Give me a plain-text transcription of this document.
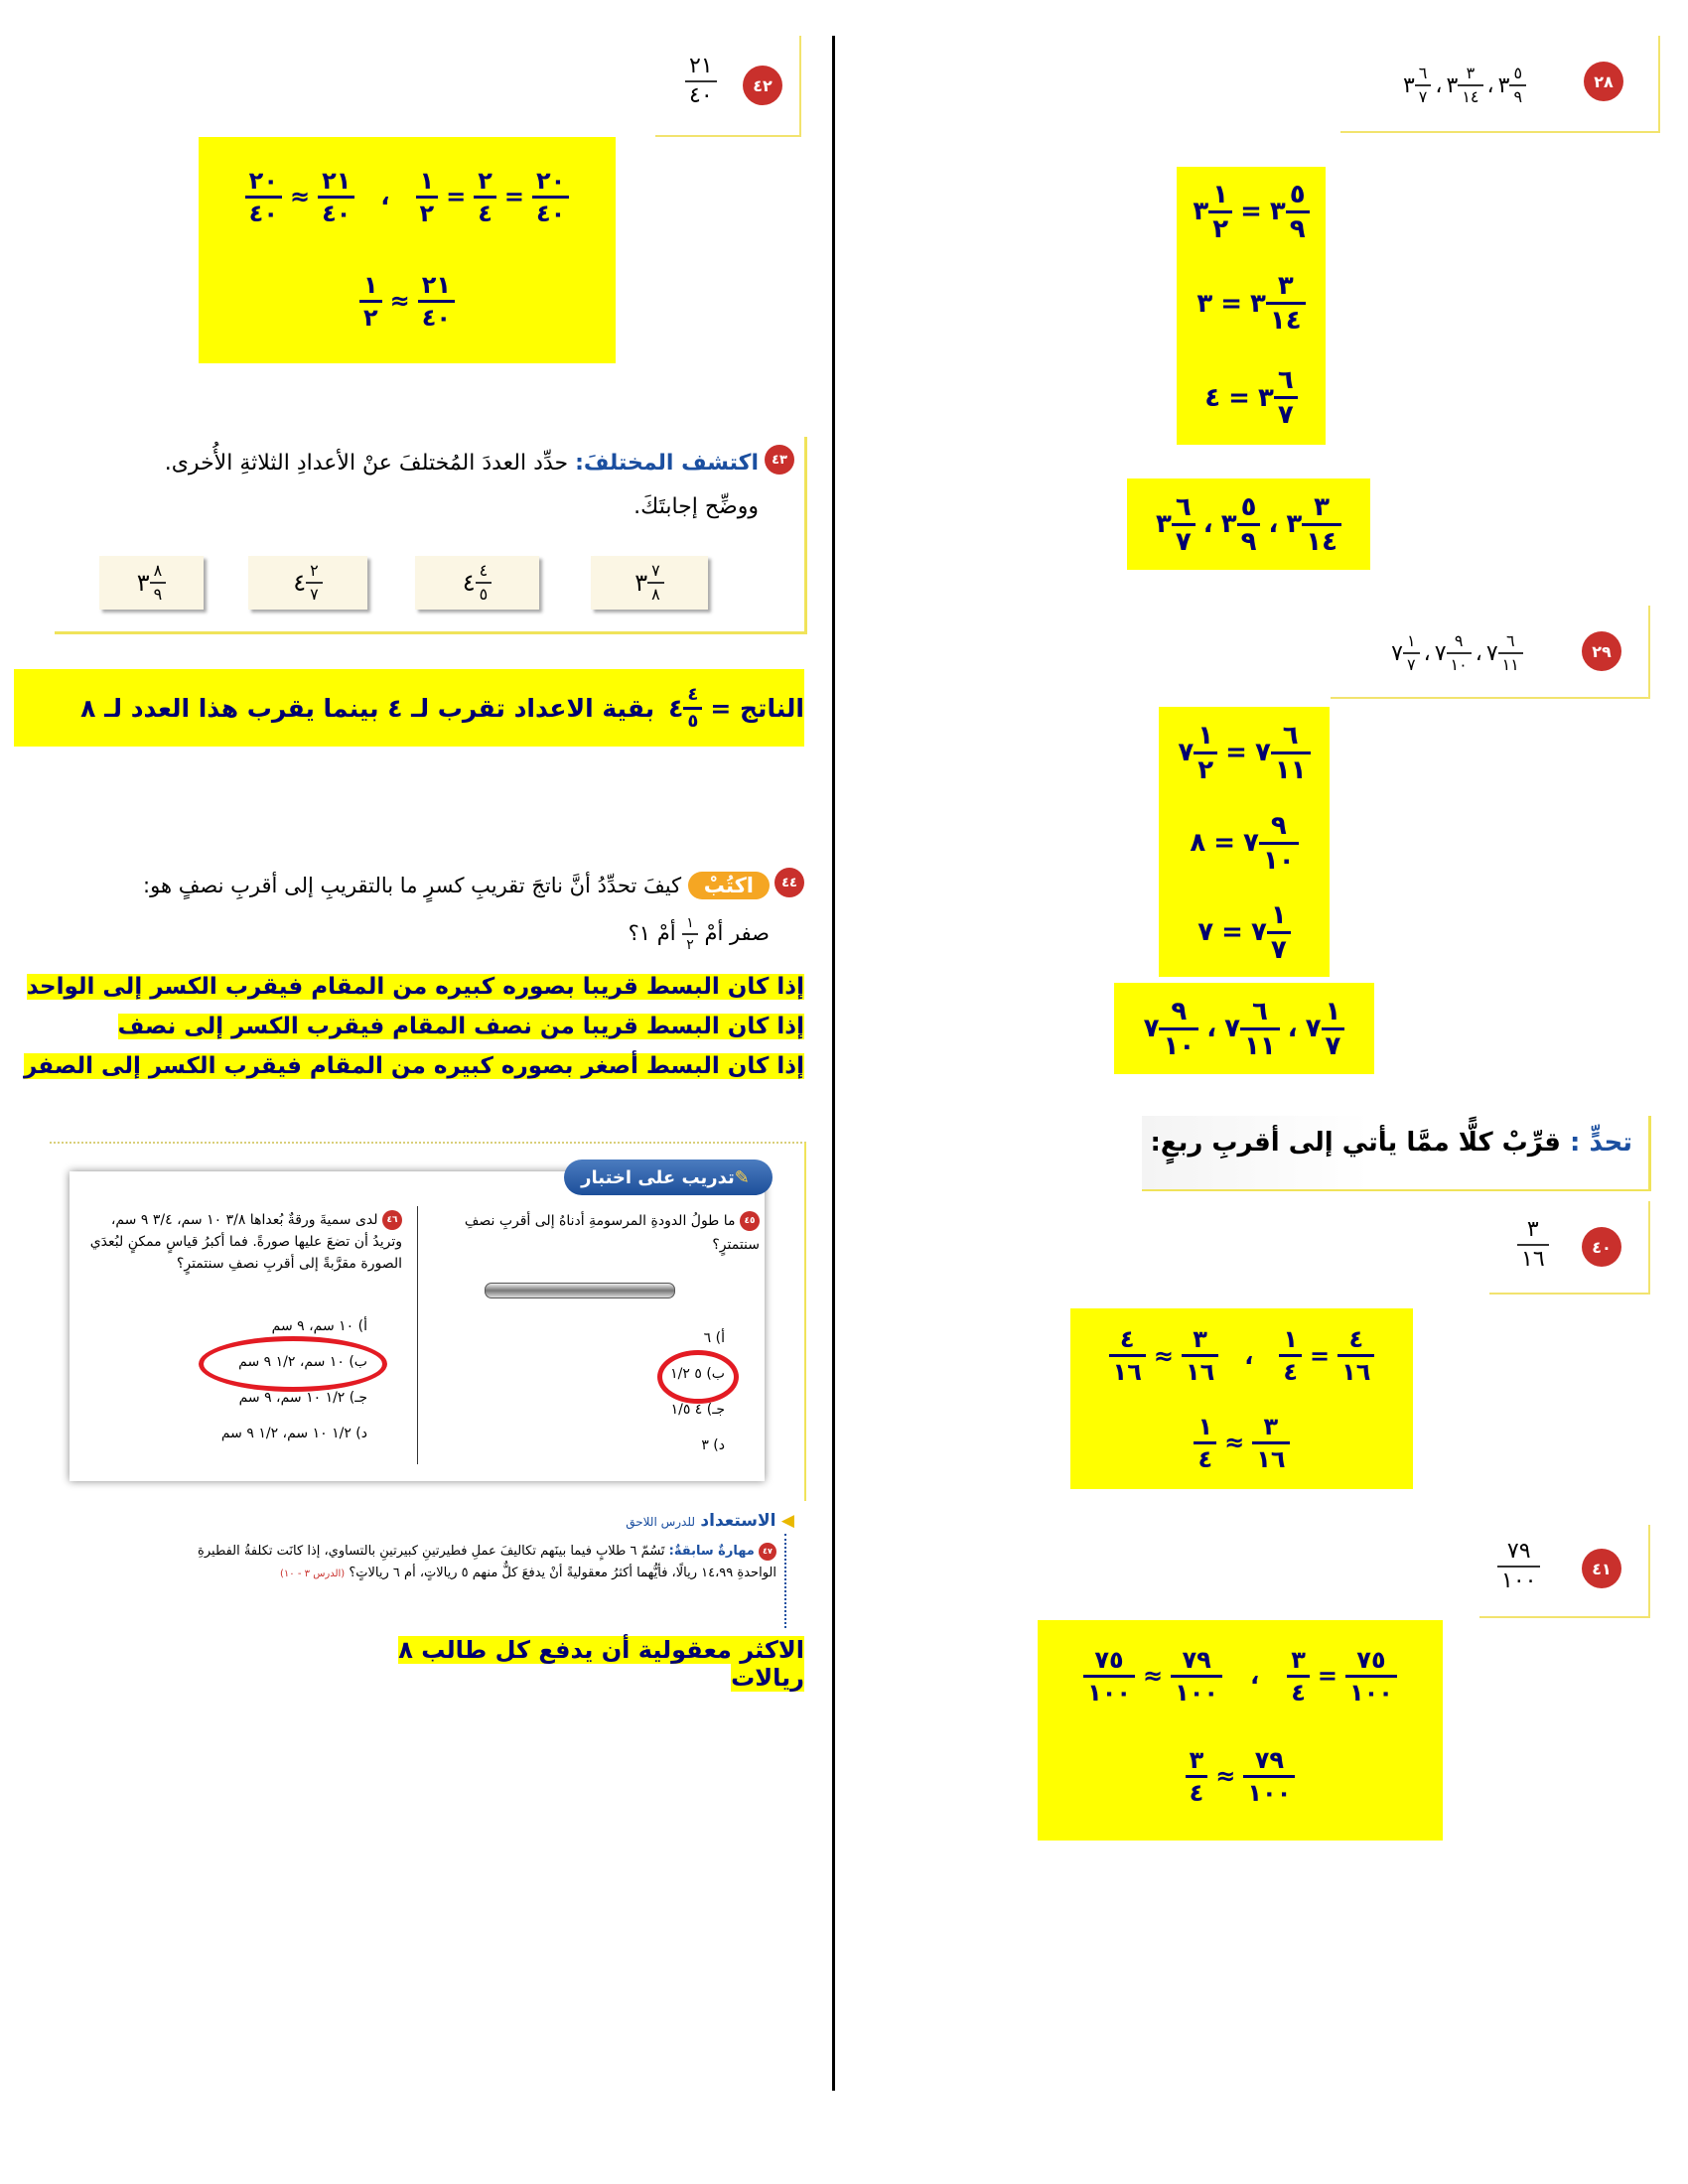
٢٨
٣ $\frac{٥}{٩}$
،
٣ $\frac{٣}{١٤}$
،
٣ $\frac{٦}{٧}$
٣ $\frac{١}{٢}$ = ٣ $\frac{٥}{٩}$
٣ = ٣ $\frac{٣}{١٤}$
٤ = ٣ $\frac{٦}{٧}$
٣ $\frac{٦}{٧}$ ، ٣ $\frac{٥}{٩}$ ، ٣ $\frac{٣}{١٤}$
٢٩
٧ $\frac{٦}{١١}$
،
٧ $\frac{٩}{١٠}$
،
٧ $\frac{١}{٧}$
٧ $\frac{١}{٢}$ = ٧ $\frac{٦}{١١}$
٨ = ٧ $\frac{٩}{١٠}$
٧ = ٧ $\frac{١}{٧}$
٧ $\frac{٩}{١٠}$ ، ٧ $\frac{٦}{١١}$ ، ٧ $\frac{١}{٧}$
تحدٍّ : قرِّبْ كلًّا ممَّا يأتي إلى أقربِ ربعٍ:
٤٠
$\frac{٣}{١٦}$
$\frac{٤}{١٦} \approx \frac{٣}{١٦}$ ، $\frac{١}{٤} = \frac{٤}{١٦}$
$\frac{١}{٤} \approx \frac{٣}{١٦}$
٤١
$\frac{٧٩}{١٠٠}$
$\frac{٧٥}{١٠٠} \approx \frac{٧٩}{١٠٠}$ ، $\frac{٣}{٤} = \frac{٧٥}{١٠٠}$
$\frac{٣}{٤} \approx \frac{٧٩}{١٠٠}$
٤٢
$\frac{٢١}{٤٠}$
$\frac{٢٠}{٤٠} \approx \frac{٢١}{٤٠}$ ، $\frac{١}{٢} = \frac{٢}{٤} = \frac{٢٠}{٤٠}$
$\frac{١}{٢} \approx \frac{٢١}{٤٠}$
٤٣
اكتشف المختلفَ: حدِّد العددَ المُختلفَ عنْ الأعدادِ الثلاثةِ الأُخرى.
ووضِّح إجابتَكَ.
٣ $\frac{٨}{٩}$	٤ $\frac{٢}{٧}$	٤ $\frac{٤}{٥}$	٣ $\frac{٧}{٨}$
الناتج =
٤ $\frac{٤}{٥}$
بقية الاعداد تقرب لـ ٤ بينما يقرب هذا العدد لـ ٨
٤٤
اكتُبْ كيفَ تحدِّدُ أنَّ ناتجَ تقريبِ كسرٍ ما بالتقريبِ إلى أقربِ نصفٍ هو:
صفر أمْ
$\frac{١}{٢}$
أمْ ١؟
إذا كان البسط قريبا بصوره كبيره من المقام فيقرب الكسر إلى الواحد
إذا كان البسط قريبا من نصف المقام فيقرب الكسر إلى نصف
إذا كان البسط أصغر بصوره كبيره من المقام فيقرب الكسر إلى الصفر
تدريب على اختبار ✎
٤٥
ما طولُ الدودةِ المرسومةِ أدناهُ إلى أقربِ نصفِ سنتمترٍ؟
أ) ٦
ب) ٥ ١/٢
جـ) ٤ ١/٥
د) ٣
٤٦
لدى سميةَ ورقةٌ بُعداها ٣/٨ ١٠ سم، ٣/٤ ٩ سم، وتريدُ أن تضعَ عليها صورةً. فما أكبرُ قياسٍ ممكنٍ لبُعدَي الصورة مقرَّبةً إلى أقربِ نصفِ سنتمترٍ؟
أ) ١٠ سم، ٩ سم
ب) ١٠ سم، ١/٢ ٩ سم
جـ) ١/٢ ١٠ سم، ٩ سم
د) ١/٢ ١٠ سم، ١/٢ ٩ سم
◀ الاستعداد للدرس اللاحق
٤٧
مهارةٌ سابقةٌ: تَسُمّ ٦ طلابٍ فيما بينَهم تكاليفَ عملِ فطيرتينِ كبيرتينِ بالتساوي، إذا كانَت تكلفةُ الفطيرةِ
الواحدةِ ١٤،٩٩ ريالًا، فأيُّهما أكثرُ معقوليةً أنْ يدفعَ كلٌّ منهم ٥ ريالاتٍ، أم ٦ ريالاتٍ؟ (الدرس ٣ - ١٠)
الاكثر معقولية أن يدفع كل طالب ٨ ريالات
